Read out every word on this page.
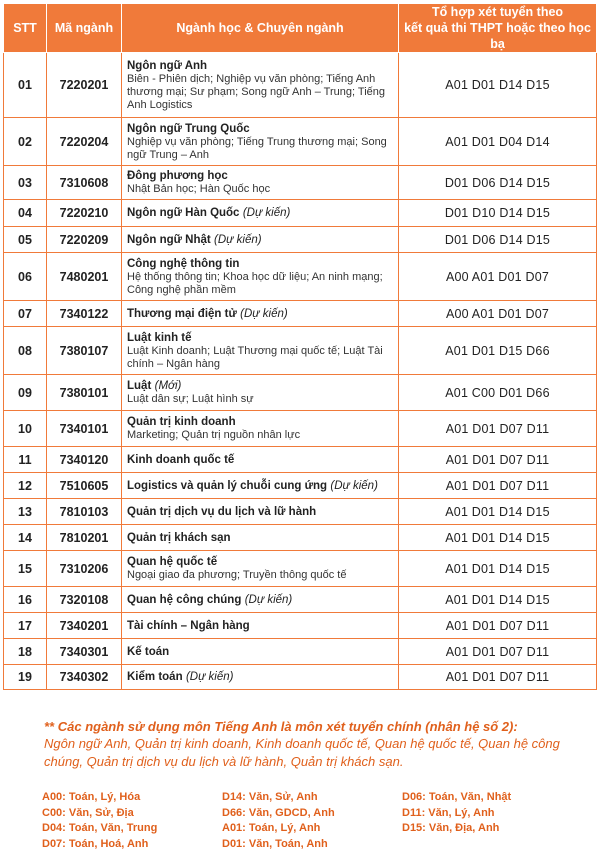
STT	Mã ngành	Ngành học & Chuyên ngành	Tổ hợp xét tuyển theo
kết quả thi THPT hoặc theo học bạ
01	7220201	Ngôn ngữ Anh
Biên - Phiên dịch; Nghiệp vụ văn phòng; Tiếng Anh thương mại; Sư phạm; Song ngữ Anh – Trung; Tiếng Anh Logistics	A01 D01 D14 D15
02	7220204	Ngôn ngữ Trung Quốc
Nghiệp vụ văn phòng; Tiếng Trung thương mại; Song ngữ Trung – Anh	A01 D01 D04 D14
03	7310608	Đông phương học
Nhật Bản học; Hàn Quốc học	D01 D06 D14 D15
04	7220210	Ngôn ngữ Hàn Quốc (Dự kiến)	D01 D10 D14 D15
05	7220209	Ngôn ngữ Nhật (Dự kiến)	D01 D06 D14 D15
06	7480201	Công nghệ thông tin
Hệ thống thông tin; Khoa học dữ liệu; An ninh mạng; Công nghệ phần mềm	A00 A01 D01 D07
07	7340122	Thương mại điện tử (Dự kiến)	A00 A01 D01 D07
08	7380107	Luật kinh tế
Luật Kinh doanh; Luật Thương mại quốc tế; Luật Tài chính – Ngân hàng	A01 D01 D15 D66
09	7380101	Luật (Mới)
Luật dân sự; Luật hình sự	A01 C00 D01 D66
10	7340101	Quản trị kinh doanh
Marketing; Quản trị nguồn nhân lực	A01 D01 D07 D11
11	7340120	Kinh doanh quốc tế	A01 D01 D07 D11
12	7510605	Logistics và quản lý chuỗi cung ứng (Dự kiến)	A01 D01 D07 D11
13	7810103	Quản trị dịch vụ du lịch và lữ hành	A01 D01 D14 D15
14	7810201	Quản trị khách sạn	A01 D01 D14 D15
15	7310206	Quan hệ quốc tế
Ngoại giao đa phương; Truyền thông quốc tế	A01 D01 D14 D15
16	7320108	Quan hệ công chúng (Dự kiến)	A01 D01 D14 D15
17	7340201	Tài chính – Ngân hàng	A01 D01 D07 D11
18	7340301	Kế toán	A01 D01 D07 D11
19	7340302	Kiểm toán (Dự kiến)	A01 D01 D07 D11

** Các ngành sử dụng môn Tiếng Anh là môn xét tuyển chính (nhân hệ số 2):

Ngôn ngữ Anh, Quản trị kinh doanh, Kinh doanh quốc tế, Quan hệ quốc tế, Quan hệ công chúng, Quản trị dịch vụ du lịch và lữ hành, Quản trị khách sạn.

A00: Toán, Lý, Hóa
C00: Văn, Sử, Địa
D04: Toán, Văn, Trung
D07: Toán, Hoá, Anh
D14: Văn, Sử, Anh
D66: Văn, GDCD, Anh
A01: Toán, Lý, Anh
D01: Văn, Toán, Anh
D06: Toán, Văn, Nhật
D11: Văn, Lý, Anh
D15: Văn, Địa, Anh
